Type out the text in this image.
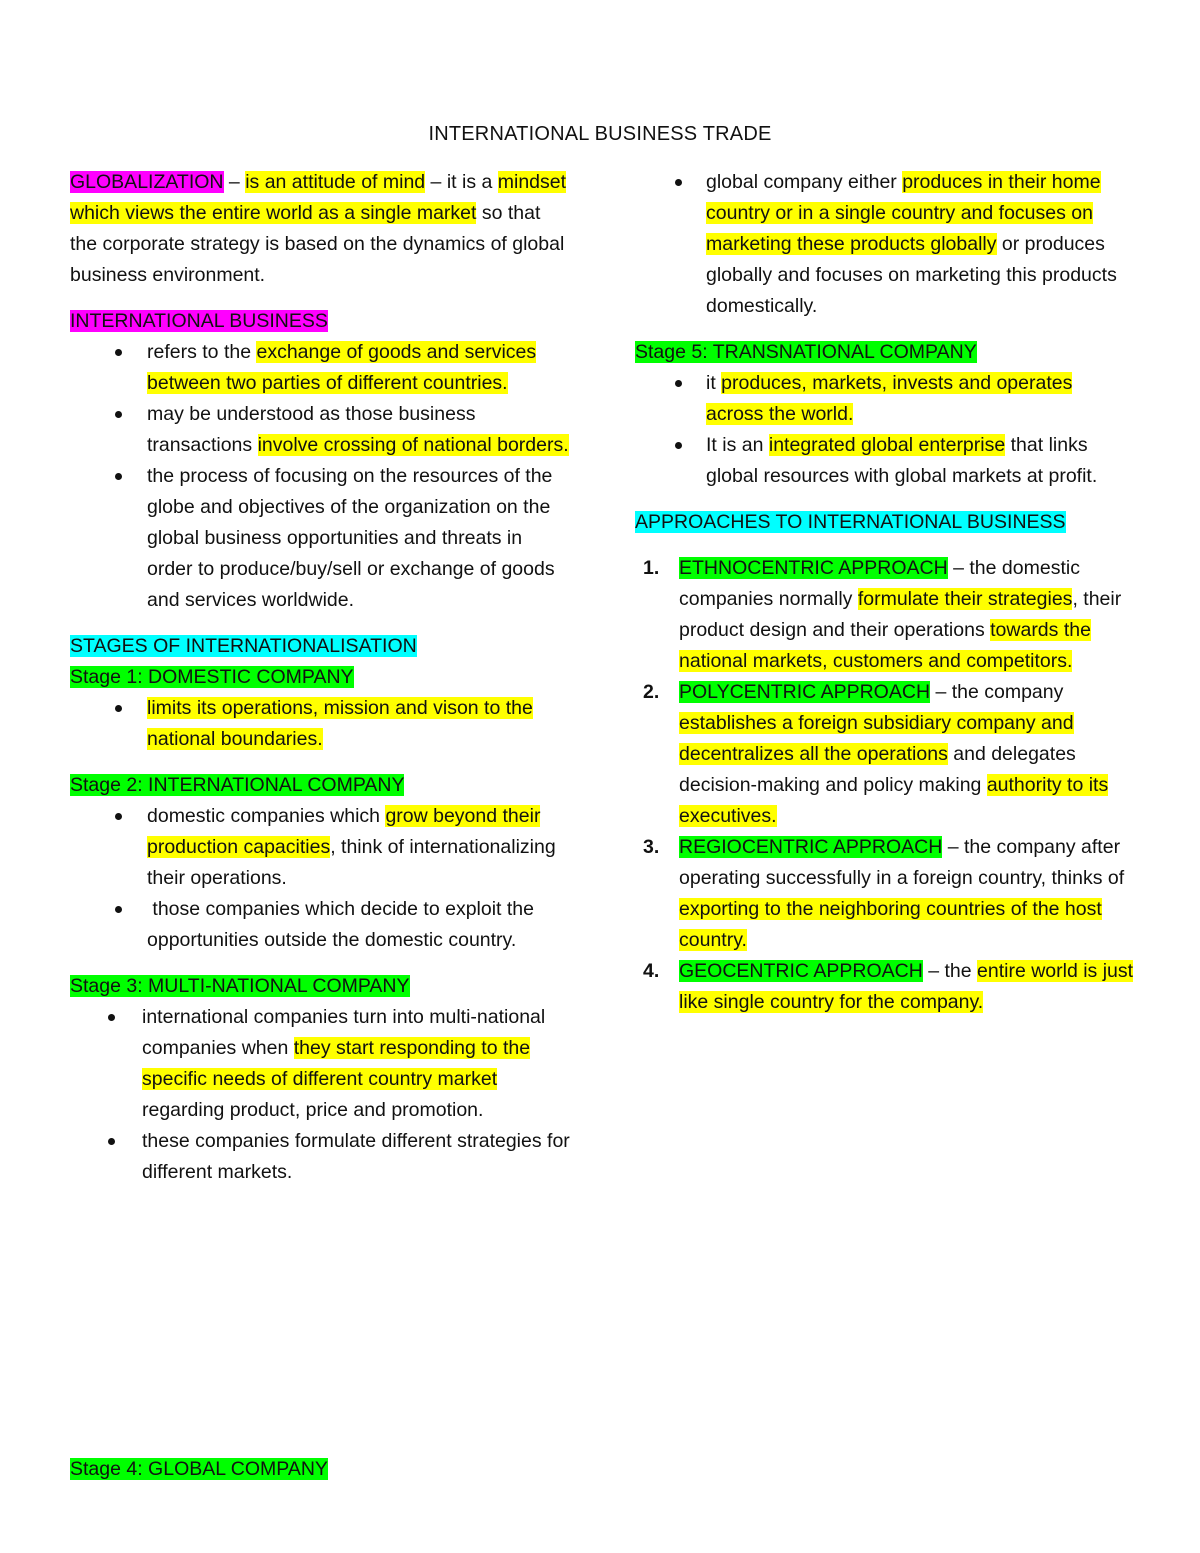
INTERNATIONAL BUSINESS TRADE

GLOBALIZATION – is an attitude of mind – it is a mindset which views the entire world as a single market so that the corporate strategy is based on the dynamics of global business environment.

INTERNATIONAL BUSINESS

refers to the exchange of goods and services between two parties of different countries.
may be understood as those business transactions involve crossing of national borders.
the process of focusing on the resources of the globe and objectives of the organization on the global business opportunities and threats in order to produce/buy/sell or exchange of goods and services worldwide.

STAGES OF INTERNATIONALISATION

Stage 1: DOMESTIC COMPANY

limits its operations, mission and vison to the national boundaries.

Stage 2: INTERNATIONAL COMPANY

domestic companies which grow beyond their production capacities, think of internationalizing their operations.
those companies which decide to exploit the opportunities outside the domestic country.

Stage 3: MULTI-NATIONAL COMPANY

international companies turn into multi-national companies when they start responding to the specific needs of different country market regarding product, price and promotion.
these companies formulate different strategies for different markets.

Stage 4: GLOBAL COMPANY

global company either produces in their home country or in a single country and focuses on marketing these products globally or produces globally and focuses on marketing this products domestically.

Stage 5: TRANSNATIONAL COMPANY

it produces, markets, invests and operates across the world.
It is an integrated global enterprise that links global resources with global markets at profit.

APPROACHES TO INTERNATIONAL BUSINESS

1. ETHNOCENTRIC APPROACH – the domestic companies normally formulate their strategies, their product design and their operations towards the national markets, customers and competitors.
2. POLYCENTRIC APPROACH – the company establishes a foreign subsidiary company and decentralizes all the operations and delegates decision-making and policy making authority to its executives.
3. REGIOCENTRIC APPROACH – the company after operating successfully in a foreign country, thinks of exporting to the neighboring countries of the host country.
4. GEOCENTRIC APPROACH – the entire world is just like single country for the company.
